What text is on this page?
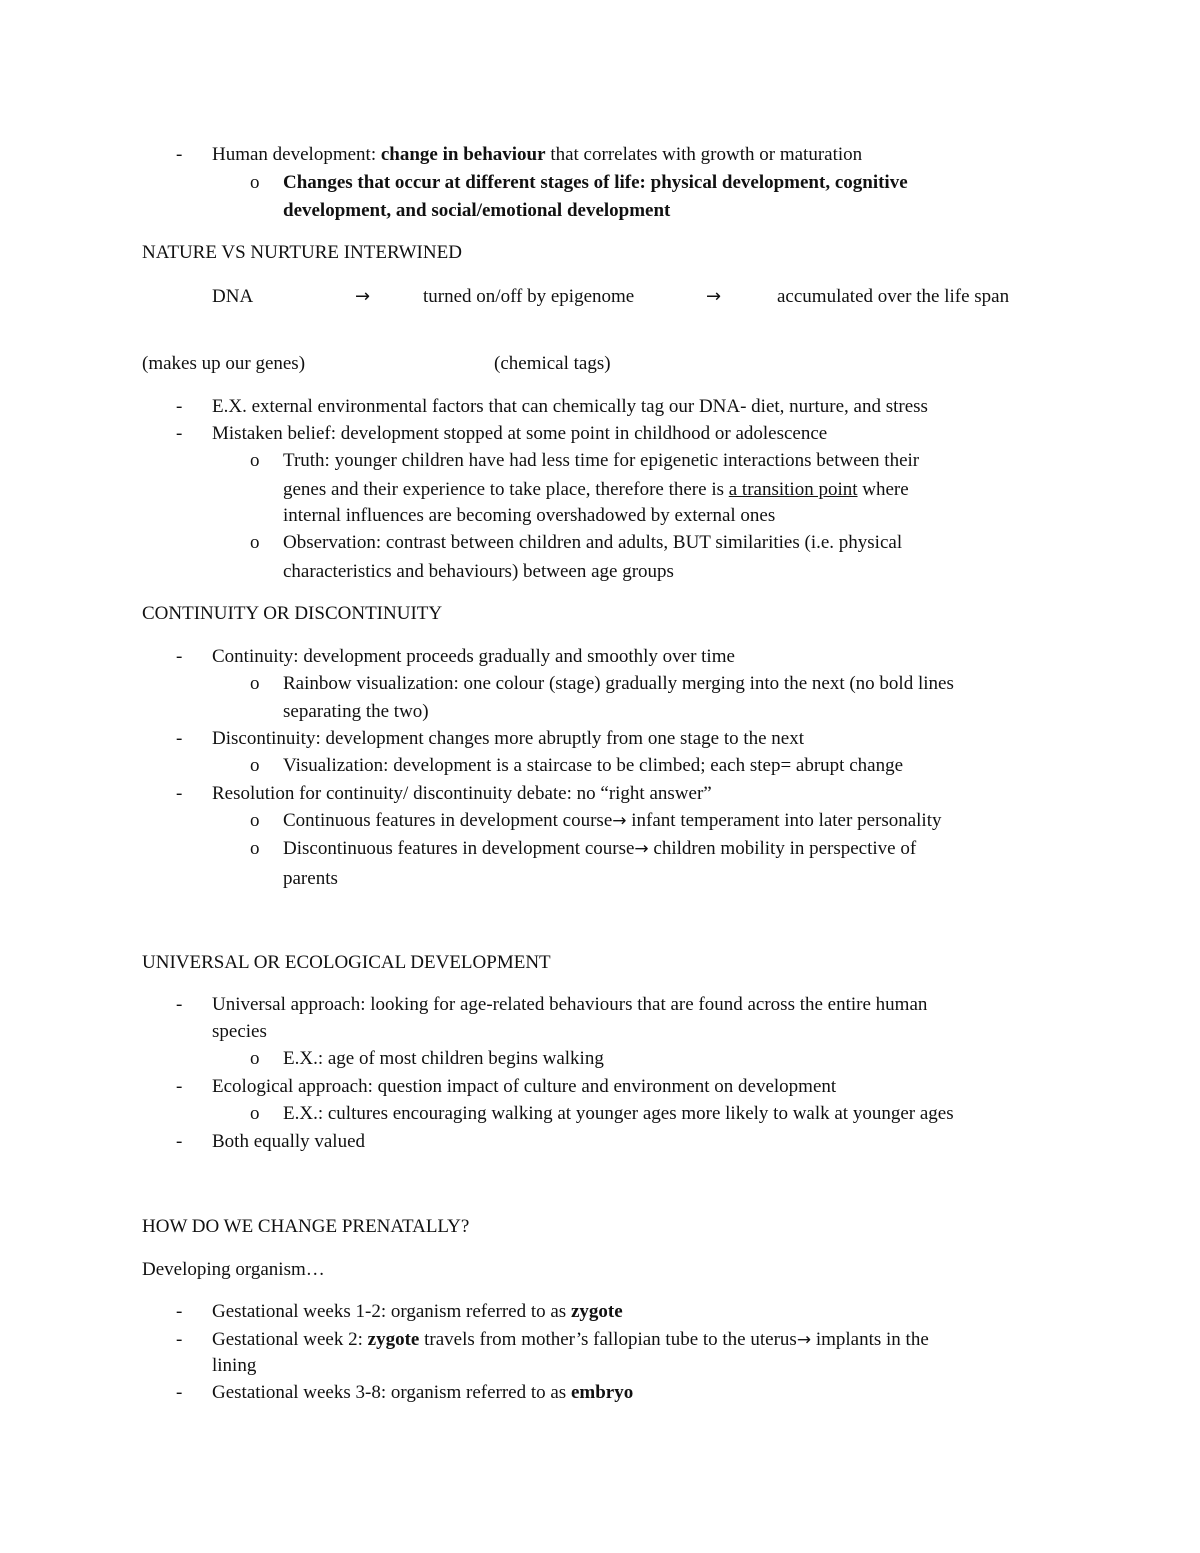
- Human development: change in behaviour that correlates with growth or maturation
o Changes that occur at different stages of life: physical development, cognitive
development, and social/emotional development
NATURE VS NURTURE INTERWINED
DNA	→	turned on/off by epigenome	→	accumulated over the life span
(makes up our genes)	(chemical tags)
- E.X. external environmental factors that can chemically tag our DNA- diet, nurture, and stress
- Mistaken belief: development stopped at some point in childhood or adolescence
o Truth: younger children have had less time for epigenetic interactions between their
genes and their experience to take place, therefore there is a transition point where
internal influences are becoming overshadowed by external ones
o Observation: contrast between children and adults, BUT similarities (i.e. physical
characteristics and behaviours) between age groups
CONTINUITY OR DISCONTINUITY
- Continuity: development proceeds gradually and smoothly over time
o Rainbow visualization: one colour (stage) gradually merging into the next (no bold lines
separating the two)
- Discontinuity: development changes more abruptly from one stage to the next
o Visualization: development is a staircase to be climbed; each step= abrupt change
- Resolution for continuity/ discontinuity debate: no “right answer”
o Continuous features in development course→ infant temperament into later personality
o Discontinuous features in development course→ children mobility in perspective of
parents
UNIVERSAL OR ECOLOGICAL DEVELOPMENT
- Universal approach: looking for age-related behaviours that are found across the entire human
species
o E.X.: age of most children begins walking
- Ecological approach: question impact of culture and environment on development
o E.X.: cultures encouraging walking at younger ages more likely to walk at younger ages
- Both equally valued
HOW DO WE CHANGE PRENATALLY?
Developing organism…
- Gestational weeks 1-2: organism referred to as zygote
- Gestational week 2: zygote travels from mother’s fallopian tube to the uterus→ implants in the
lining
- Gestational weeks 3-8: organism referred to as embryo
